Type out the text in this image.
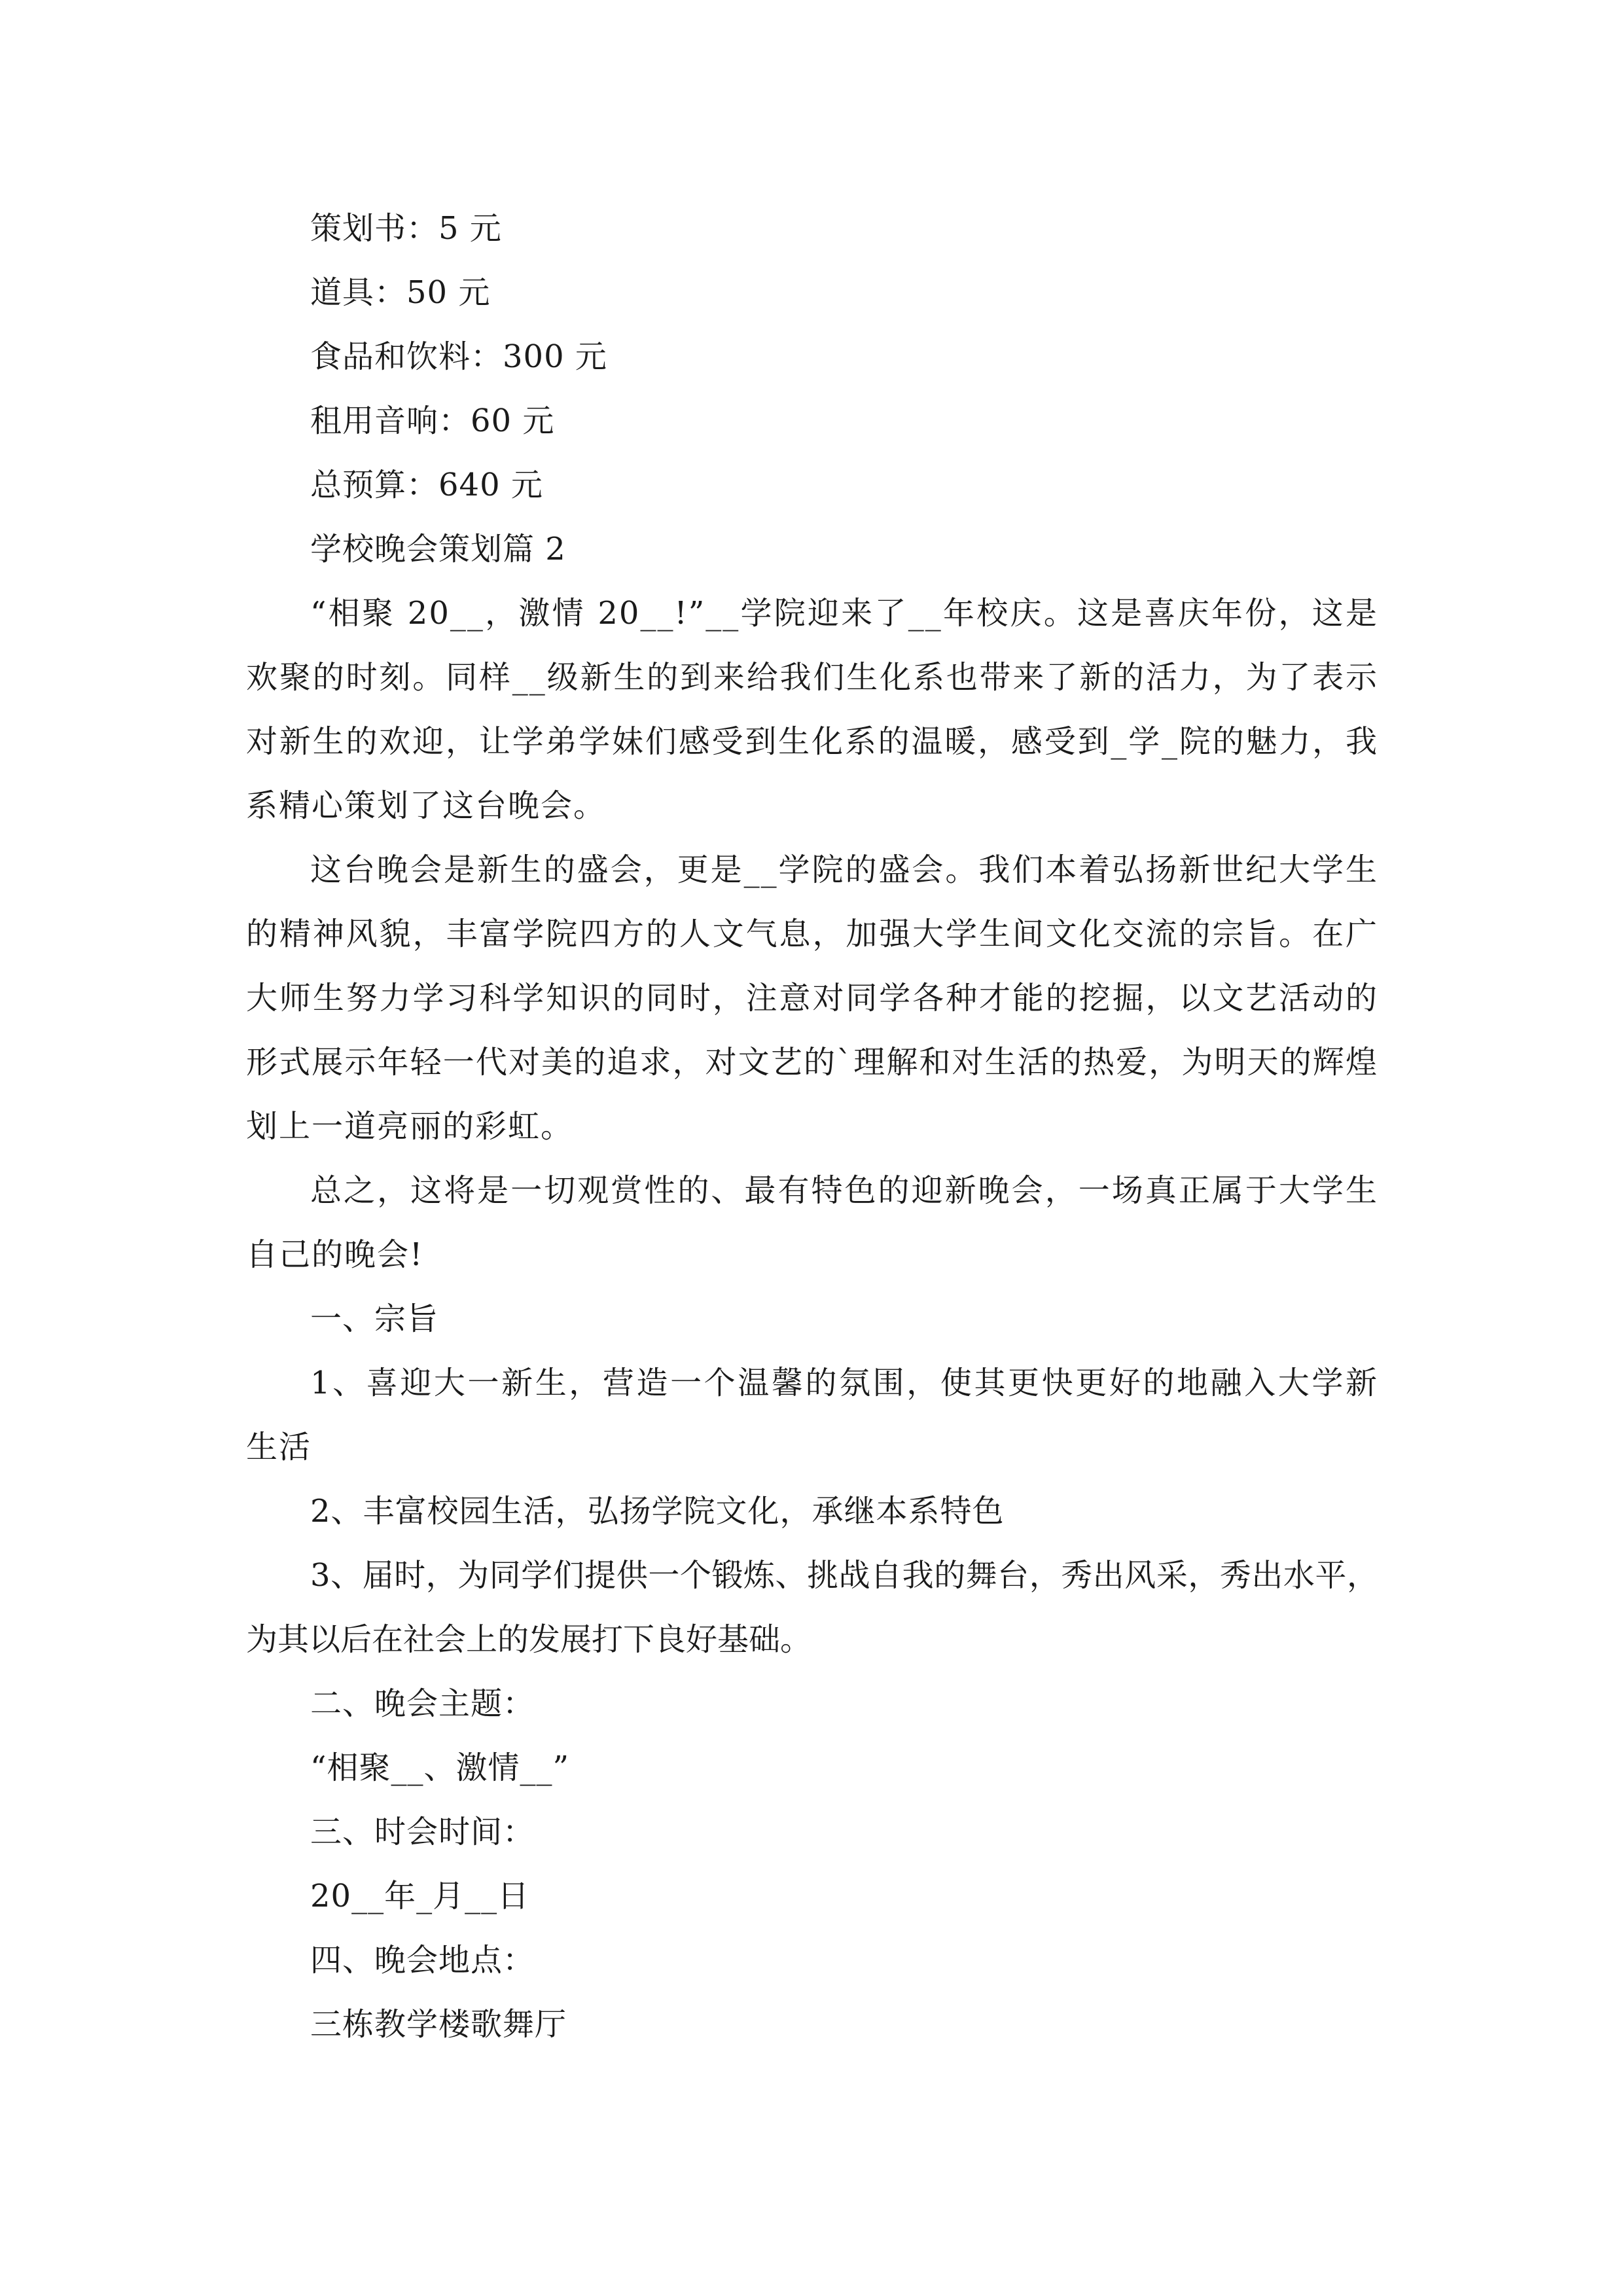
策划书：5 元

道具：50 元

食品和饮料：300 元

租用音响：60 元

总预算：640 元

学校晚会策划篇 2

“相聚 20__，激情 20__!”__学院迎来了__年校庆。这是喜庆年份，这是欢聚的时刻。同样__级新生的到来给我们生化系也带来了新的活力，为了表示对新生的欢迎，让学弟学妹们感受到生化系的温暖，感受到_学_院的魅力，我系精心策划了这台晚会。

这台晚会是新生的盛会，更是__学院的盛会。我们本着弘扬新世纪大学生的精神风貌，丰富学院四方的人文气息，加强大学生间文化交流的宗旨。在广大师生努力学习科学知识的同时，注意对同学各种才能的挖掘，以文艺活动的形式展示年轻一代对美的追求，对文艺的`理解和对生活的热爱，为明天的辉煌划上一道亮丽的彩虹。

总之，这将是一切观赏性的、最有特色的迎新晚会，一场真正属于大学生自己的晚会!

一、宗旨

1、喜迎大一新生，营造一个温馨的氛围，使其更快更好的地融入大学新生活

2、丰富校园生活，弘扬学院文化，承继本系特色

3、届时，为同学们提供一个锻炼、挑战自我的舞台，秀出风采，秀出水平，为其以后在社会上的发展打下良好基础。

二、晚会主题：

“相聚__、激情__”

三、时会时间：

20__年_月__日

四、晚会地点：

三栋教学楼歌舞厅
